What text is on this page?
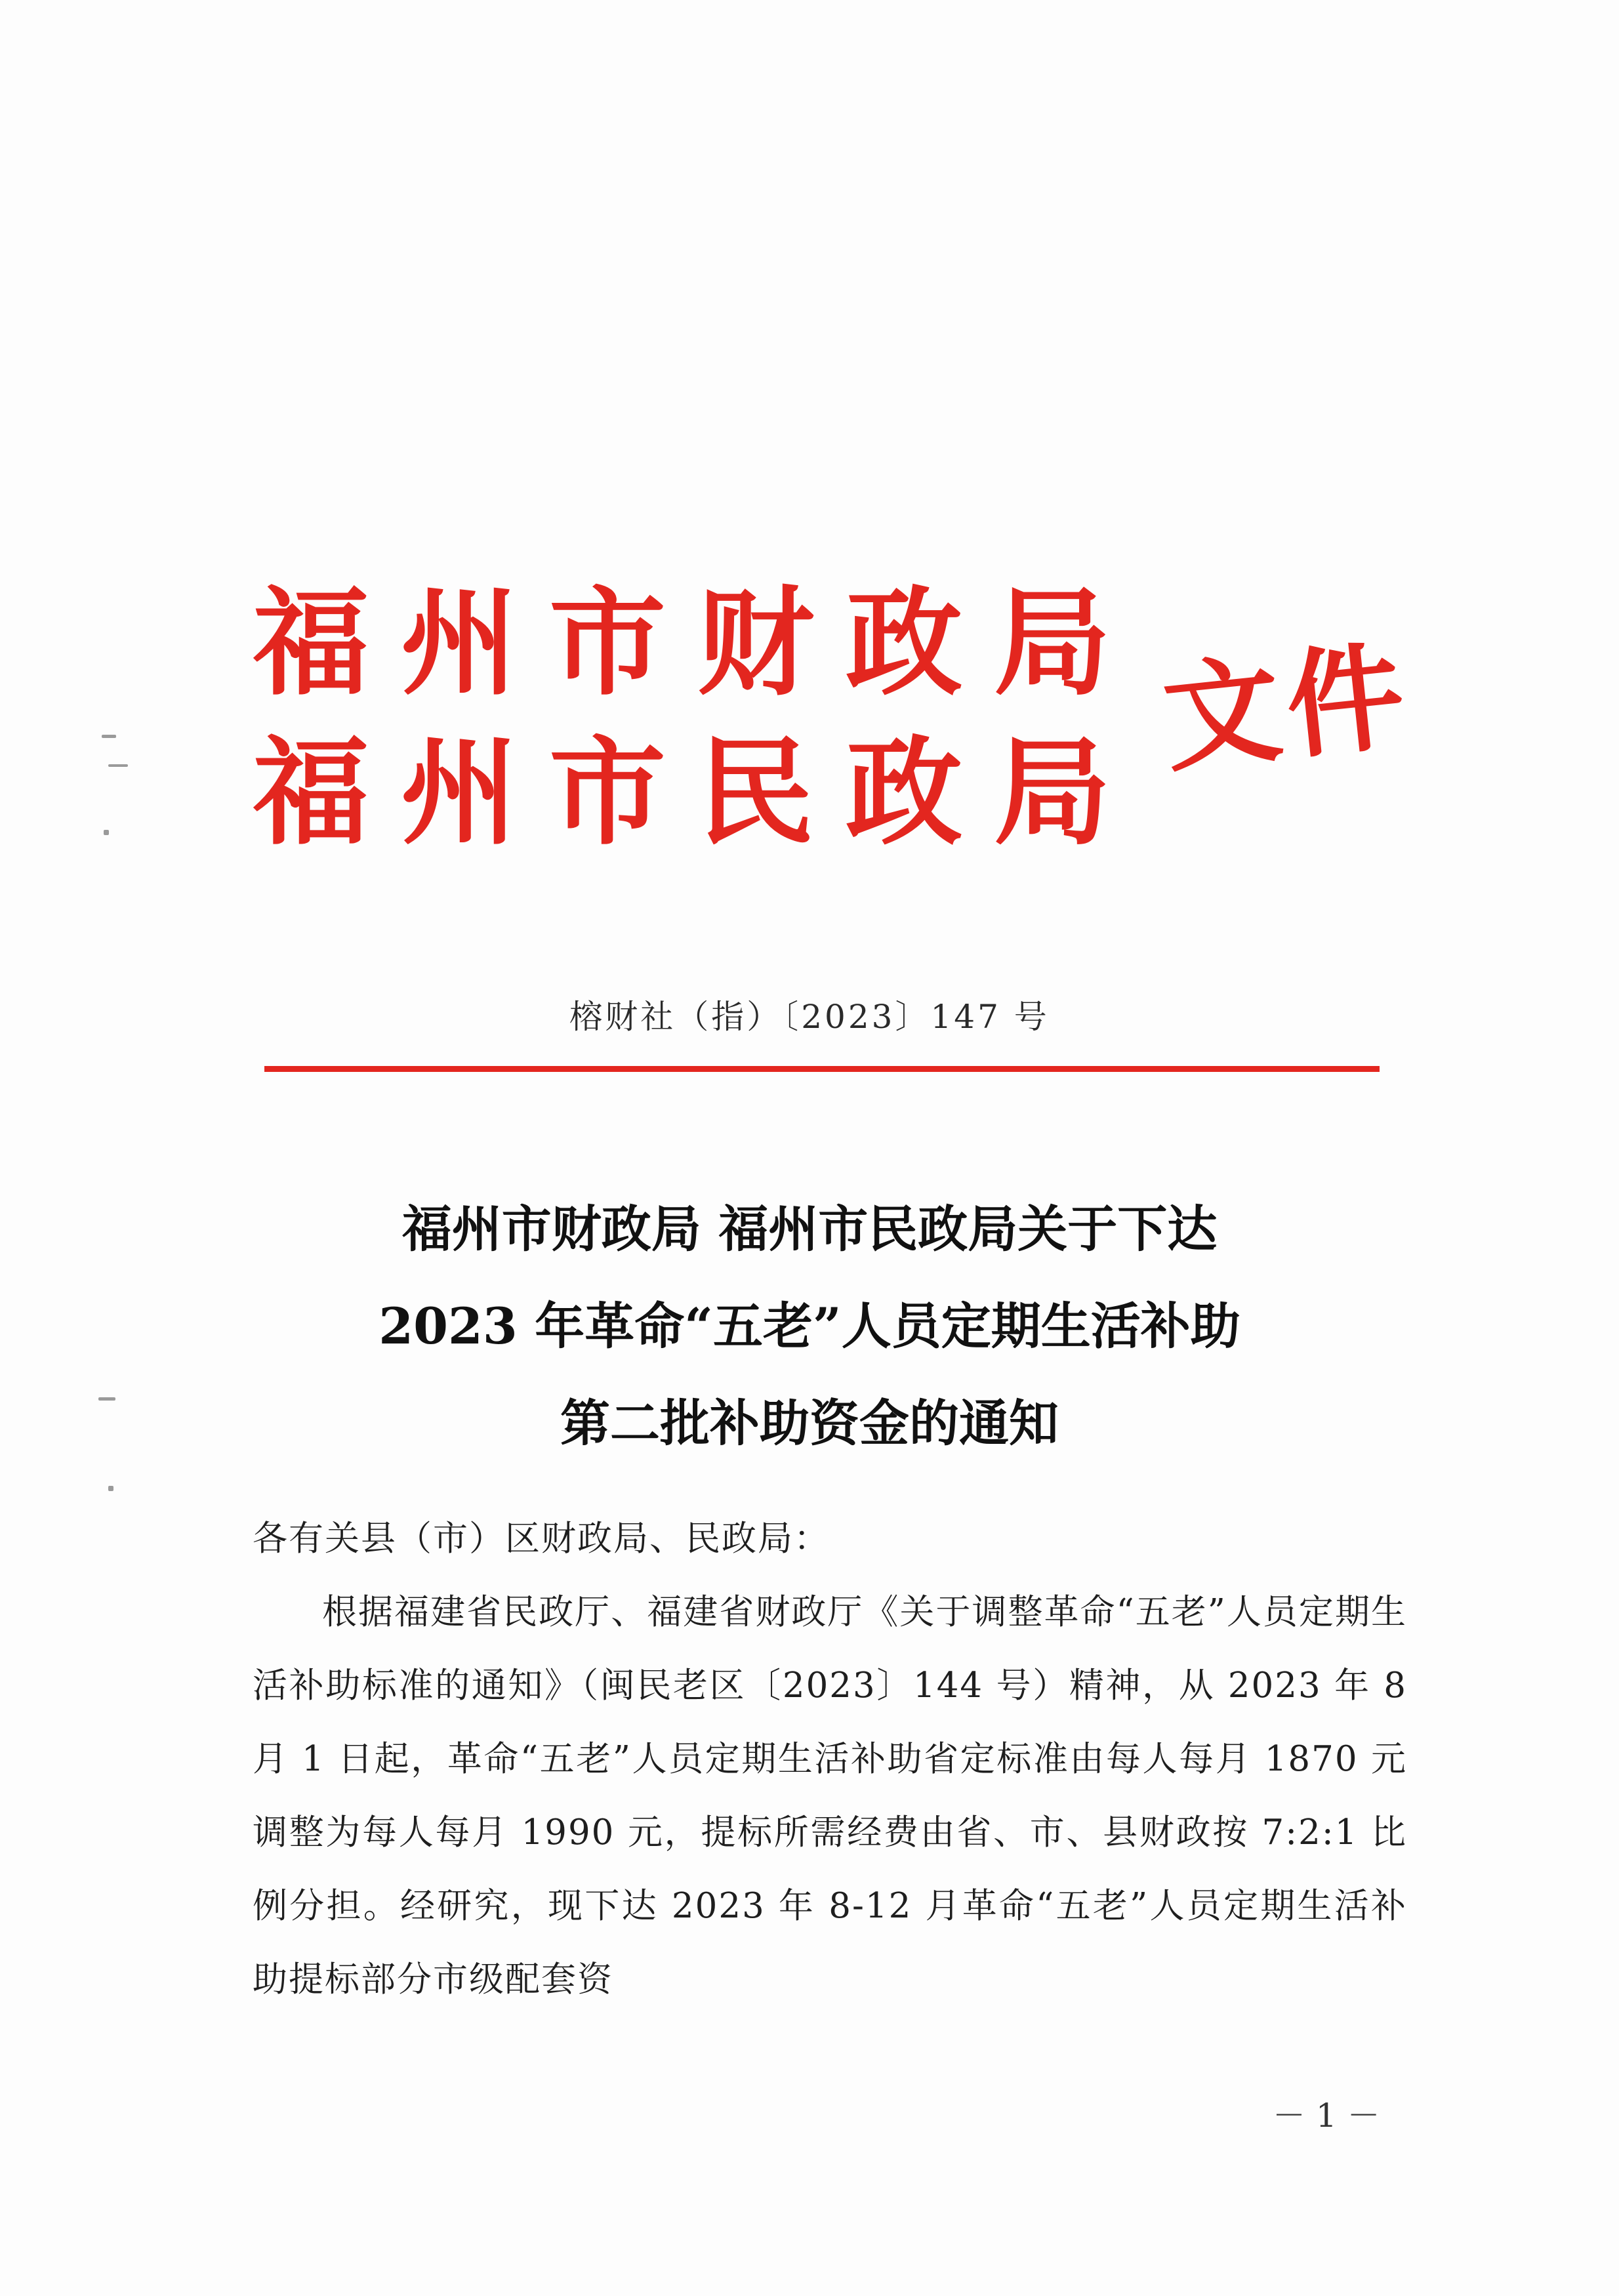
福州市财政局
福州市民政局
文件
榕财社（指）〔2023〕147 号
福州市财政局 福州市民政局关于下达
2023 年革命“五老”人员定期生活补助
第二批补助资金的通知

各有关县（市）区财政局、民政局：

根据福建省民政厅、福建省财政厅《关于调整革命“五老”人员定期生活补助标准的通知》（闽民老区〔2023〕144 号）精神，从 2023 年 8 月 1 日起，革命“五老”人员定期生活补助省定标准由每人每月 1870 元调整为每人每月 1990 元，提标所需经费由省、市、县财政按 7:2:1 比例分担。经研究，现下达 2023 年 8-12 月革命“五老”人员定期生活补助提标部分市级配套资

－ 1 －
